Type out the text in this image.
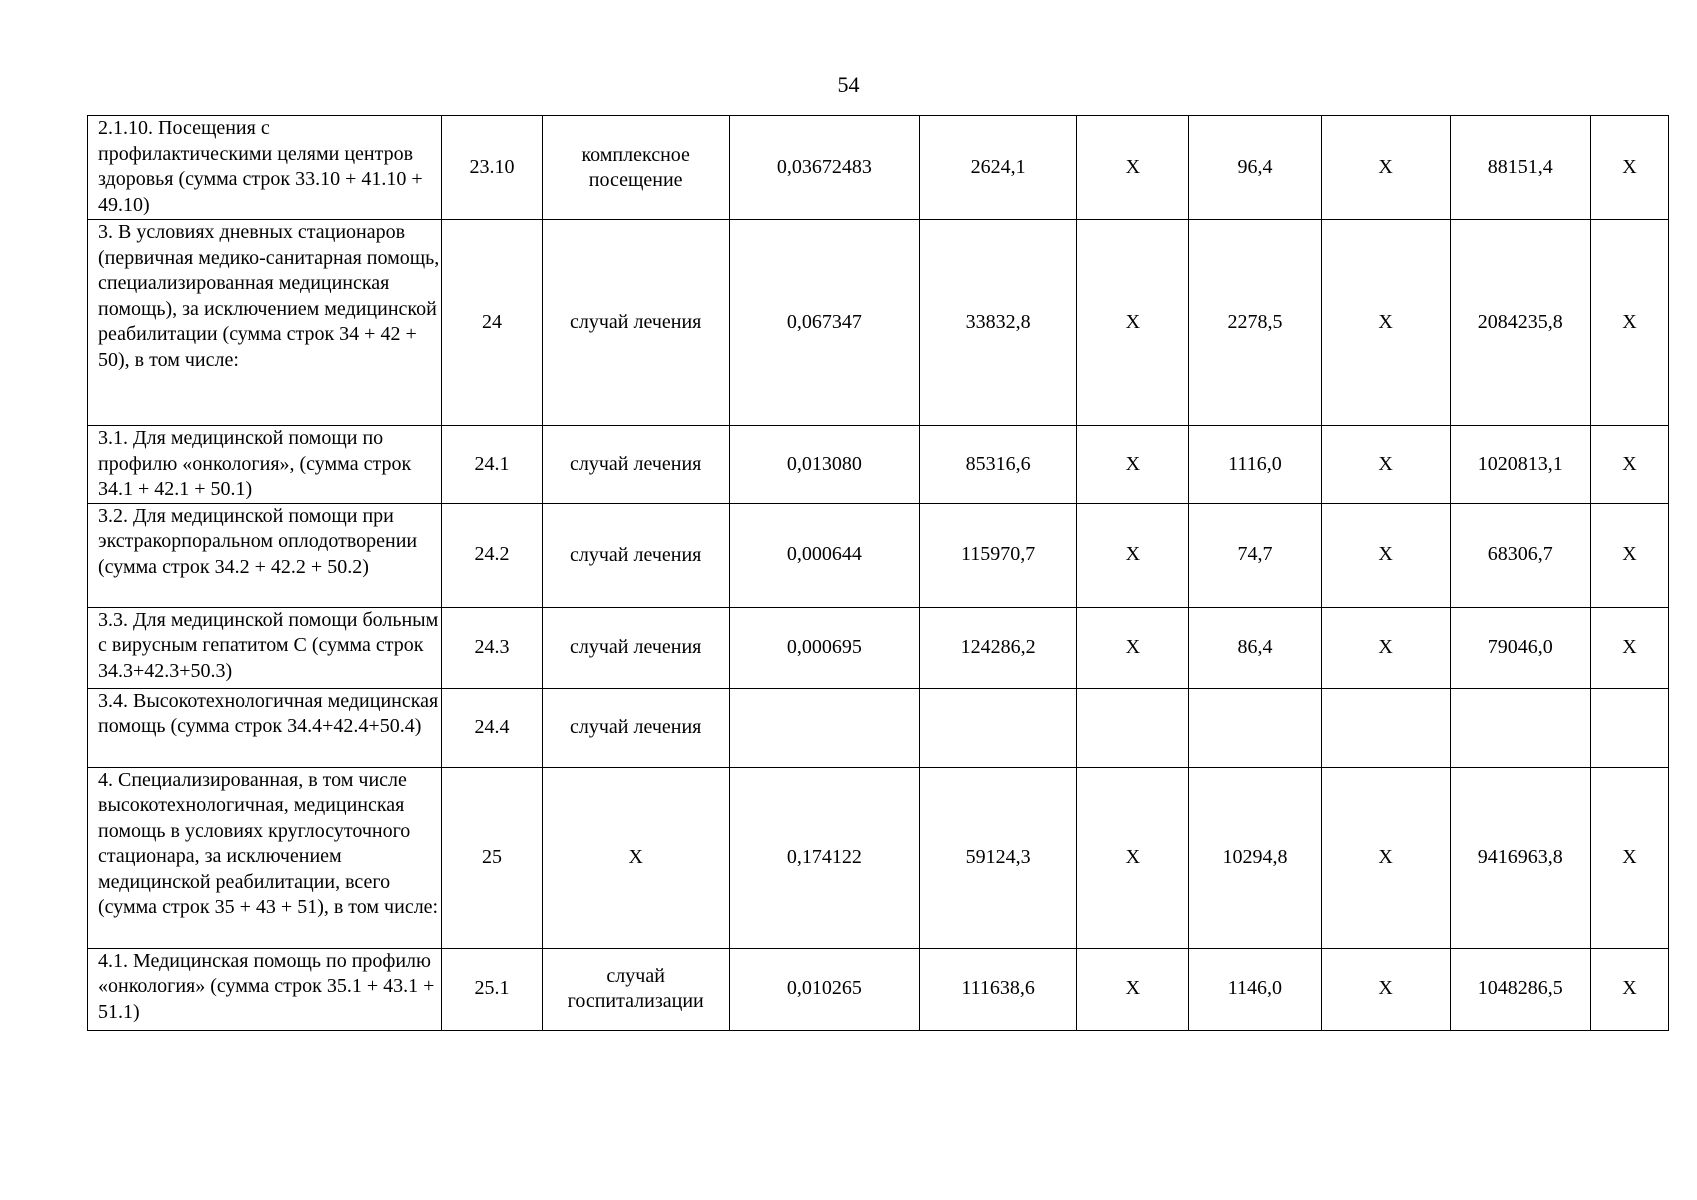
54
2.1.10. Посещения с профилактическими целями центров здоровья (сумма строк 33.10 + 41.10 + 49.10)	23.10	комплексное посещение	0,03672483	2624,1	X	96,4	X	88151,4	X
3. В условиях дневных стационаров (первичная медико-санитарная помощь, специализированная медицинская помощь), за исключением медицинской реабилитации (сумма строк 34 + 42 + 50), в том числе:	24	случай лечения	0,067347	33832,8	X	2278,5	X	2084235,8	X
3.1. Для медицинской помощи по профилю «онкология», (сумма строк 34.1 + 42.1 + 50.1)	24.1	случай лечения	0,013080	85316,6	X	1116,0	X	1020813,1	X
3.2. Для медицинской помощи при экстракорпоральном оплодотворении (сумма строк 34.2 + 42.2 + 50.2)	24.2	случай лечения	0,000644	115970,7	X	74,7	X	68306,7	X
3.3. Для медицинской помощи больным с вирусным гепатитом С (сумма строк 34.3+42.3+50.3)	24.3	случай лечения	0,000695	124286,2	X	86,4	X	79046,0	X
3.4. Высокотехнологичная медицинская помощь (сумма строк 34.4+42.4+50.4)	24.4	случай лечения							
4. Специализированная, в том числе высокотехнологичная, медицинская помощь в условиях круглосуточного стационара, за исключением медицинской реабилитации, всего (сумма строк 35 + 43 + 51), в том числе:	25	X	0,174122	59124,3	X	10294,8	X	9416963,8	X
4.1. Медицинская помощь по профилю «онкология» (сумма строк 35.1 + 43.1 + 51.1)	25.1	случай госпитализации	0,010265	111638,6	X	1146,0	X	1048286,5	X
